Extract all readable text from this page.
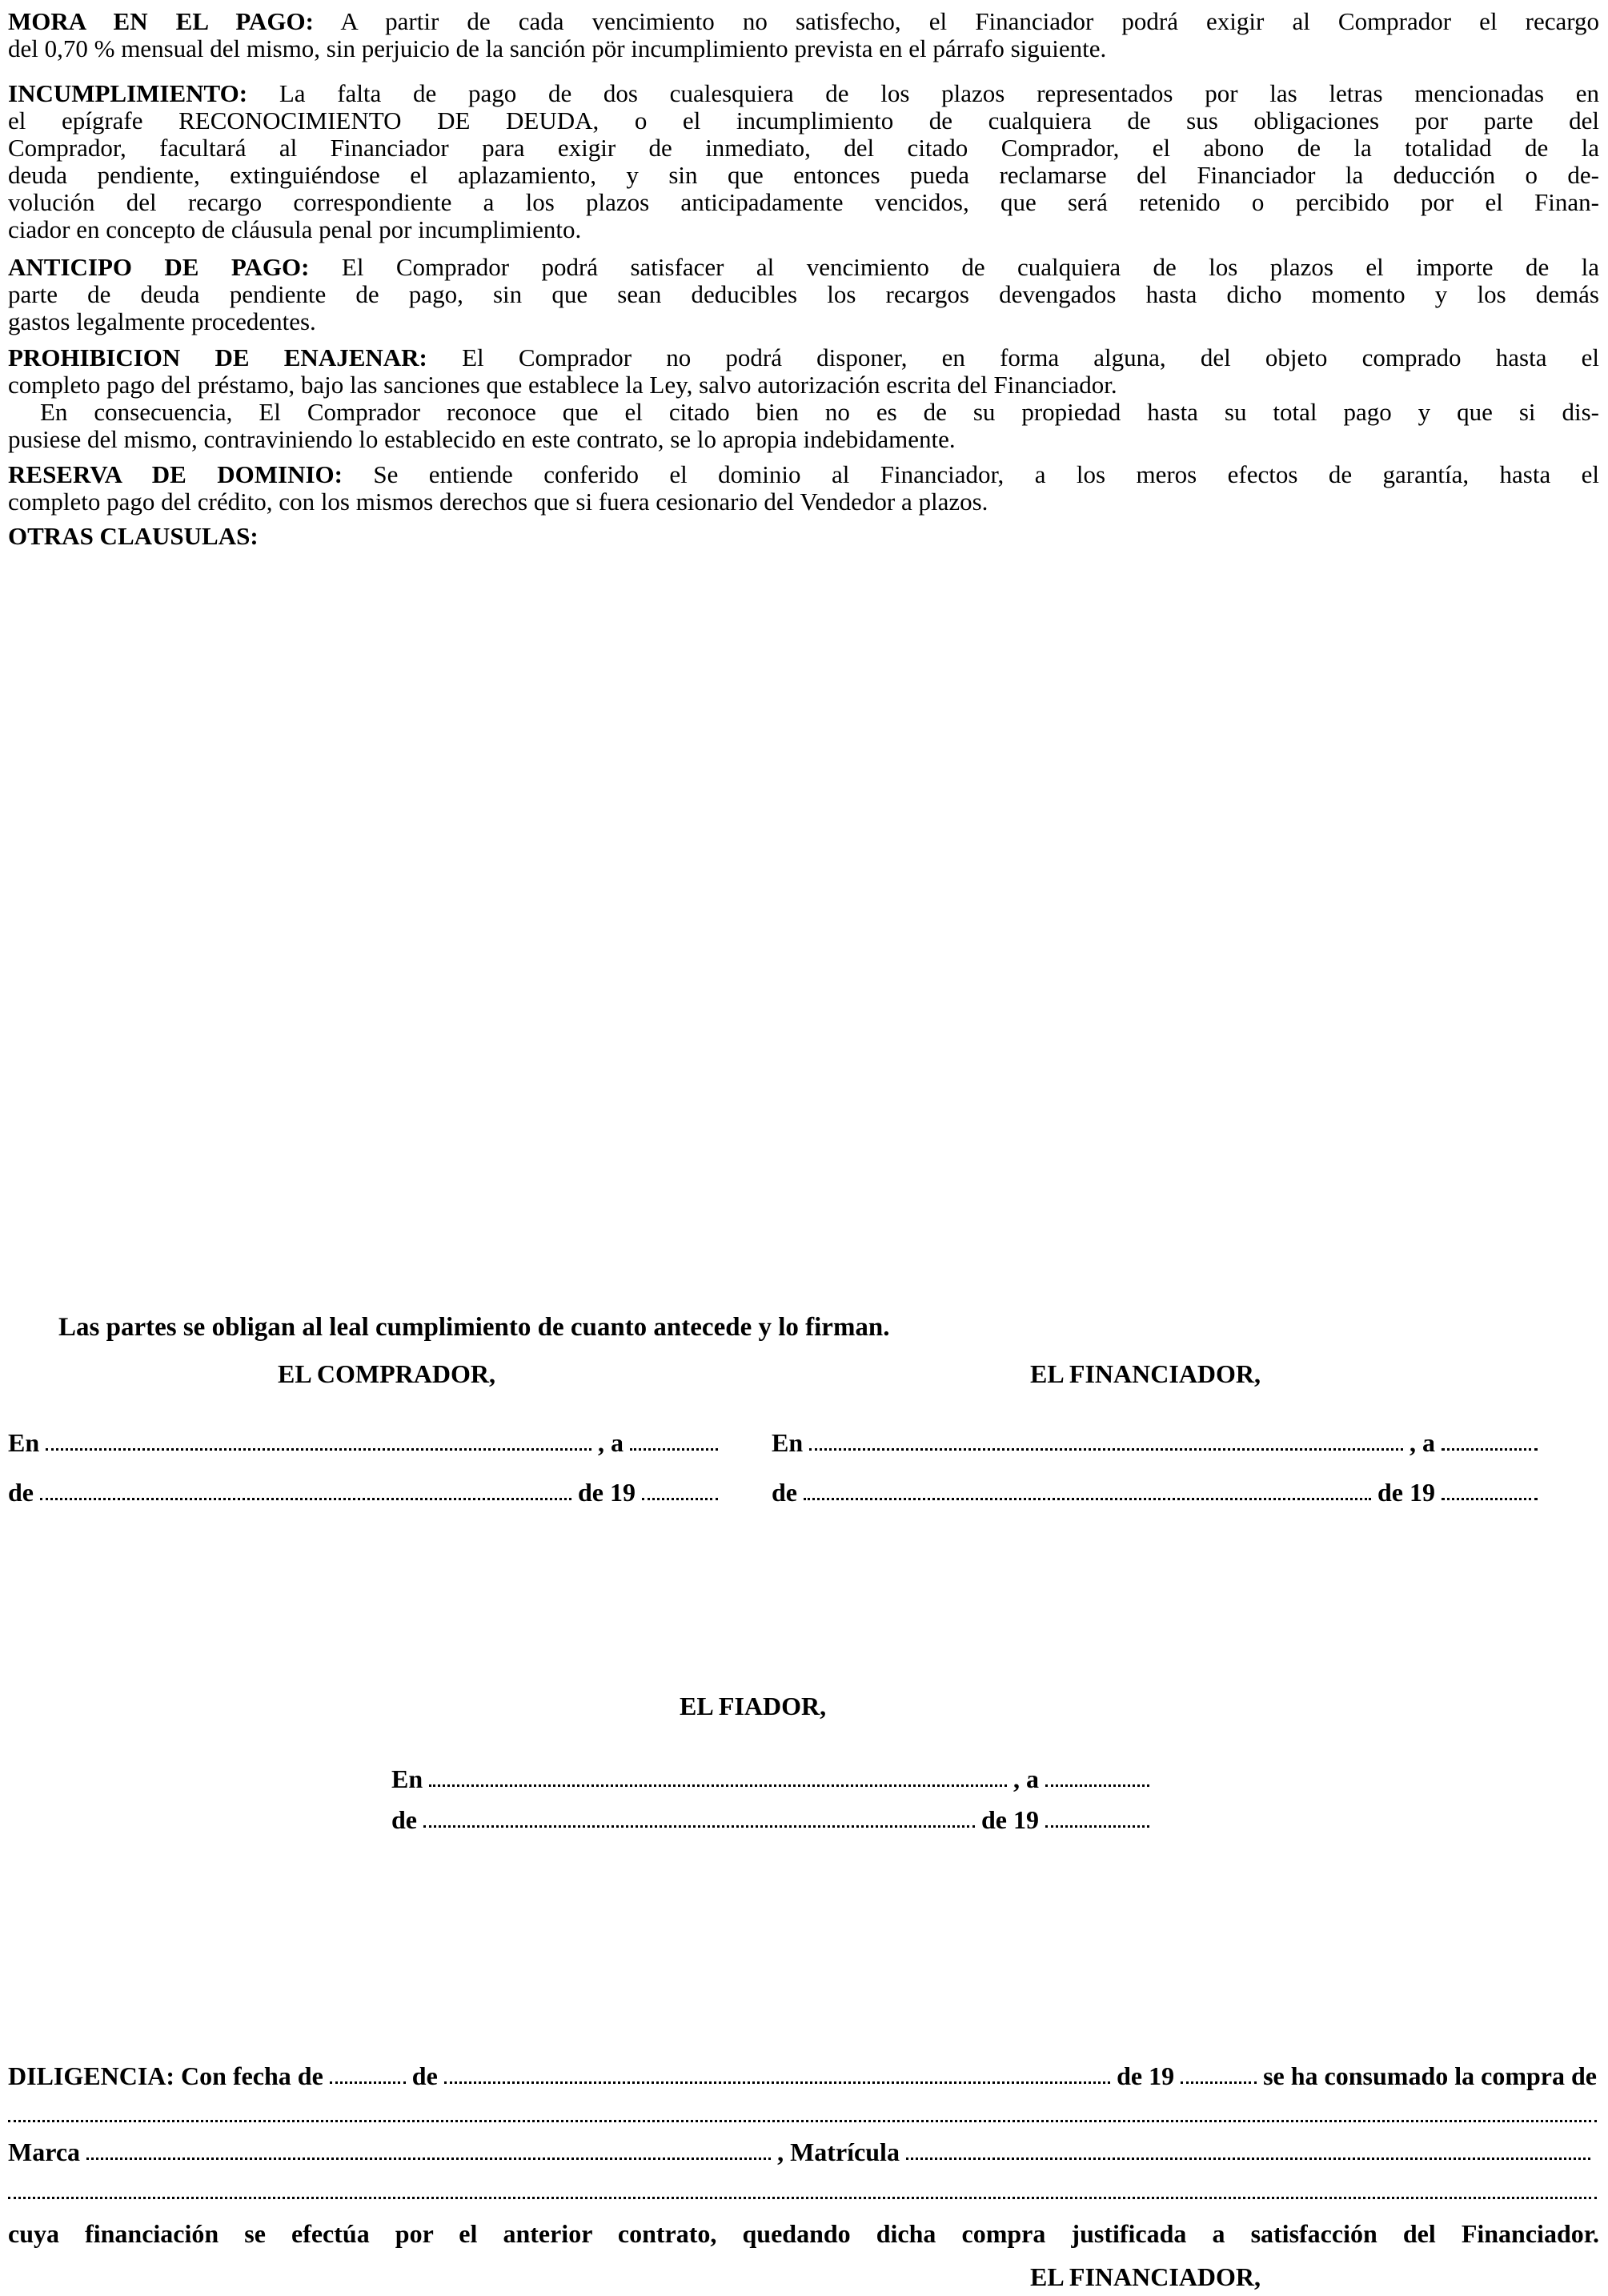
MORA EN EL PAGO: A partir de cada vencimiento no satisfecho, el Financiador podrá exigir al Comprador el recargo
del 0,70 % mensual del mismo, sin perjuicio de la sanción pör incumplimiento prevista en el párrafo siguiente.
INCUMPLIMIENTO: La falta de pago de dos cualesquiera de los plazos representados por las letras mencionadas en
el epígrafe RECONOCIMIENTO DE DEUDA, o el incumplimiento de cualquiera de sus obligaciones por parte del
Comprador, facultará al Financiador para exigir de inmediato, del citado Comprador, el abono de la totalidad de la
deuda pendiente, extinguiéndose el aplazamiento, y sin que entonces pueda reclamarse del Financiador la deducción o de-
volución del recargo correspondiente a los plazos anticipadamente vencidos, que será retenido o percibido por el Finan-
ciador en concepto de cláusula penal por incumplimiento.
ANTICIPO DE PAGO: El Comprador podrá satisfacer al vencimiento de cualquiera de los plazos el importe de la
parte de deuda pendiente de pago, sin que sean deducibles los recargos devengados hasta dicho momento y los demás
gastos legalmente procedentes.
PROHIBICION DE ENAJENAR: El Comprador no podrá disponer, en forma alguna, del objeto comprado hasta el
completo pago del préstamo, bajo las sanciones que establece la Ley, salvo autorización escrita del Financiador.
En consecuencia, El Comprador reconoce que el citado bien no es de su propiedad hasta su total pago y que si dis-
pusiese del mismo, contraviniendo lo establecido en este contrato, se lo apropia indebidamente.
RESERVA DE DOMINIO: Se entiende conferido el dominio al Financiador, a los meros efectos de garantía, hasta el
completo pago del crédito, con los mismos derechos que si fuera cesionario del Vendedor a plazos.
OTRAS CLAUSULAS:
Las partes se obligan al leal cumplimiento de cuanto antecede y lo firman.
EL COMPRADOR,	EL FINANCIADOR,
En	, a
de	de 19
En	, a
de	de 19
EL FIADOR,
En	, a
de	de 19
DILIGENCIA:
Con fecha de	de	de 19	se ha consumado la compra de
Marca	, Matrícula
cuya financiación se efectúa por el anterior contrato, quedando dicha compra justificada a satisfacción del Financiador.
EL FINANCIADOR,
